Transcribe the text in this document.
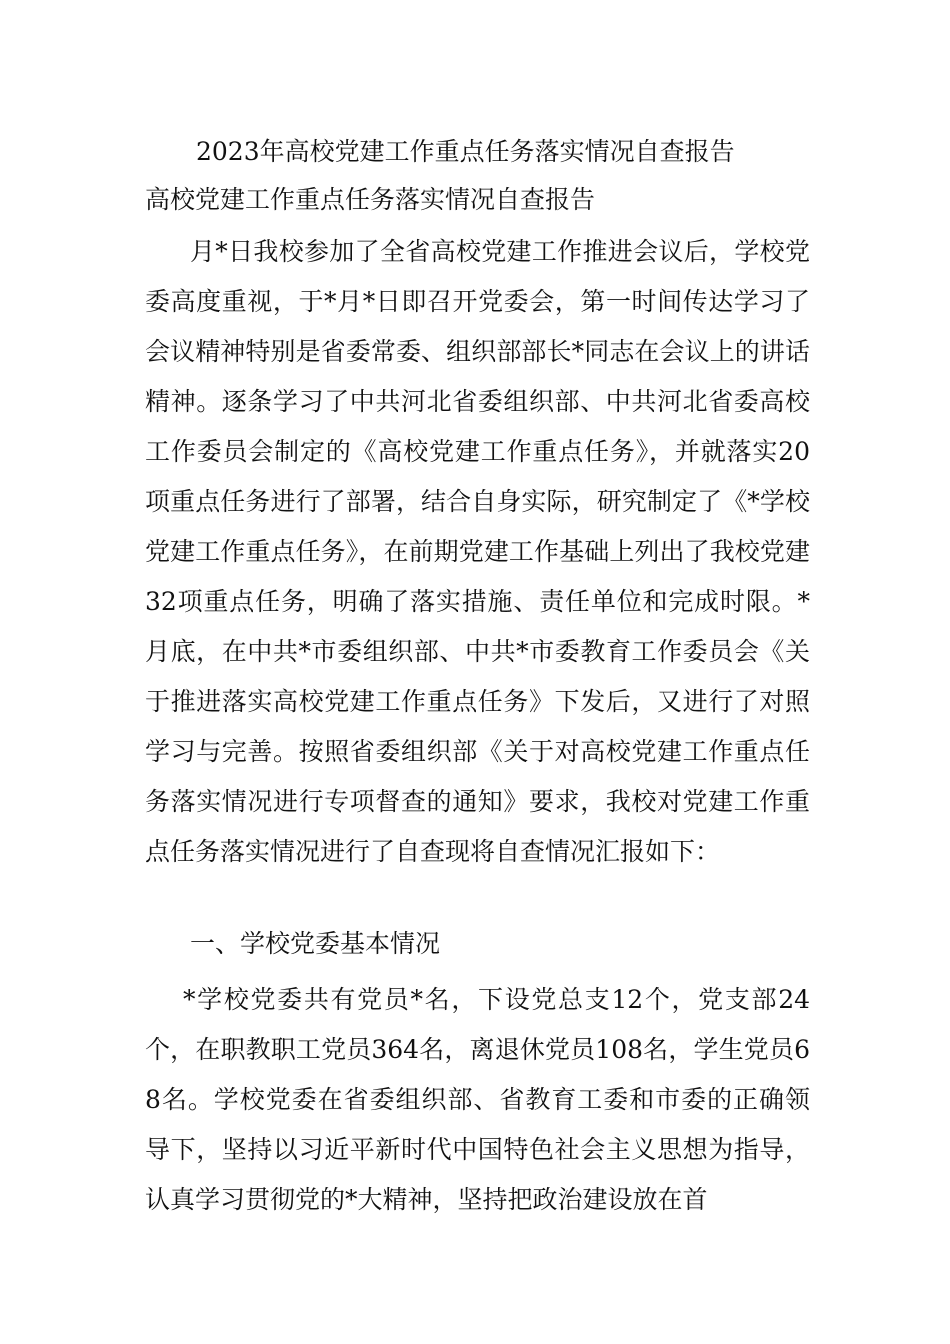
2023年高校党建工作重点任务落实情况自查报告
高校党建工作重点任务落实情况自查报告

月*日我校参加了全省高校党建工作推进会议后，学校党委高度重视，于*月*日即召开党委会，第一时间传达学习了会议精神特别是省委常委、组织部部长*同志在会议上的讲话精神。逐条学习了中共河北省委组织部、中共河北省委高校工作委员会制定的《高校党建工作重点任务》，并就落实20项重点任务进行了部署，结合自身实际，研究制定了《*学校党建工作重点任务》，在前期党建工作基础上列出了我校党建32项重点任务，明确了落实措施、责任单位和完成时限。*月底，在中共*市委组织部、中共*市委教育工作委员会《关于推进落实高校党建工作重点任务》下发后，又进行了对照学习与完善。按照省委组织部《关于对高校党建工作重点任务落实情况进行专项督查的通知》要求，我校对党建工作重点任务落实情况进行了自查现将自查情况汇报如下：

一、学校党委基本情况

*学校党委共有党员*名，下设党总支12个，党支部24个，在职教职工党员364名，离退休党员108名，学生党员68名。学校党委在省委组织部、省教育工委和市委的正确领导下，坚持以习近平新时代中国特色社会主义思想为指导，认真学习贯彻党的*大精神，坚持把政治建设放在首
